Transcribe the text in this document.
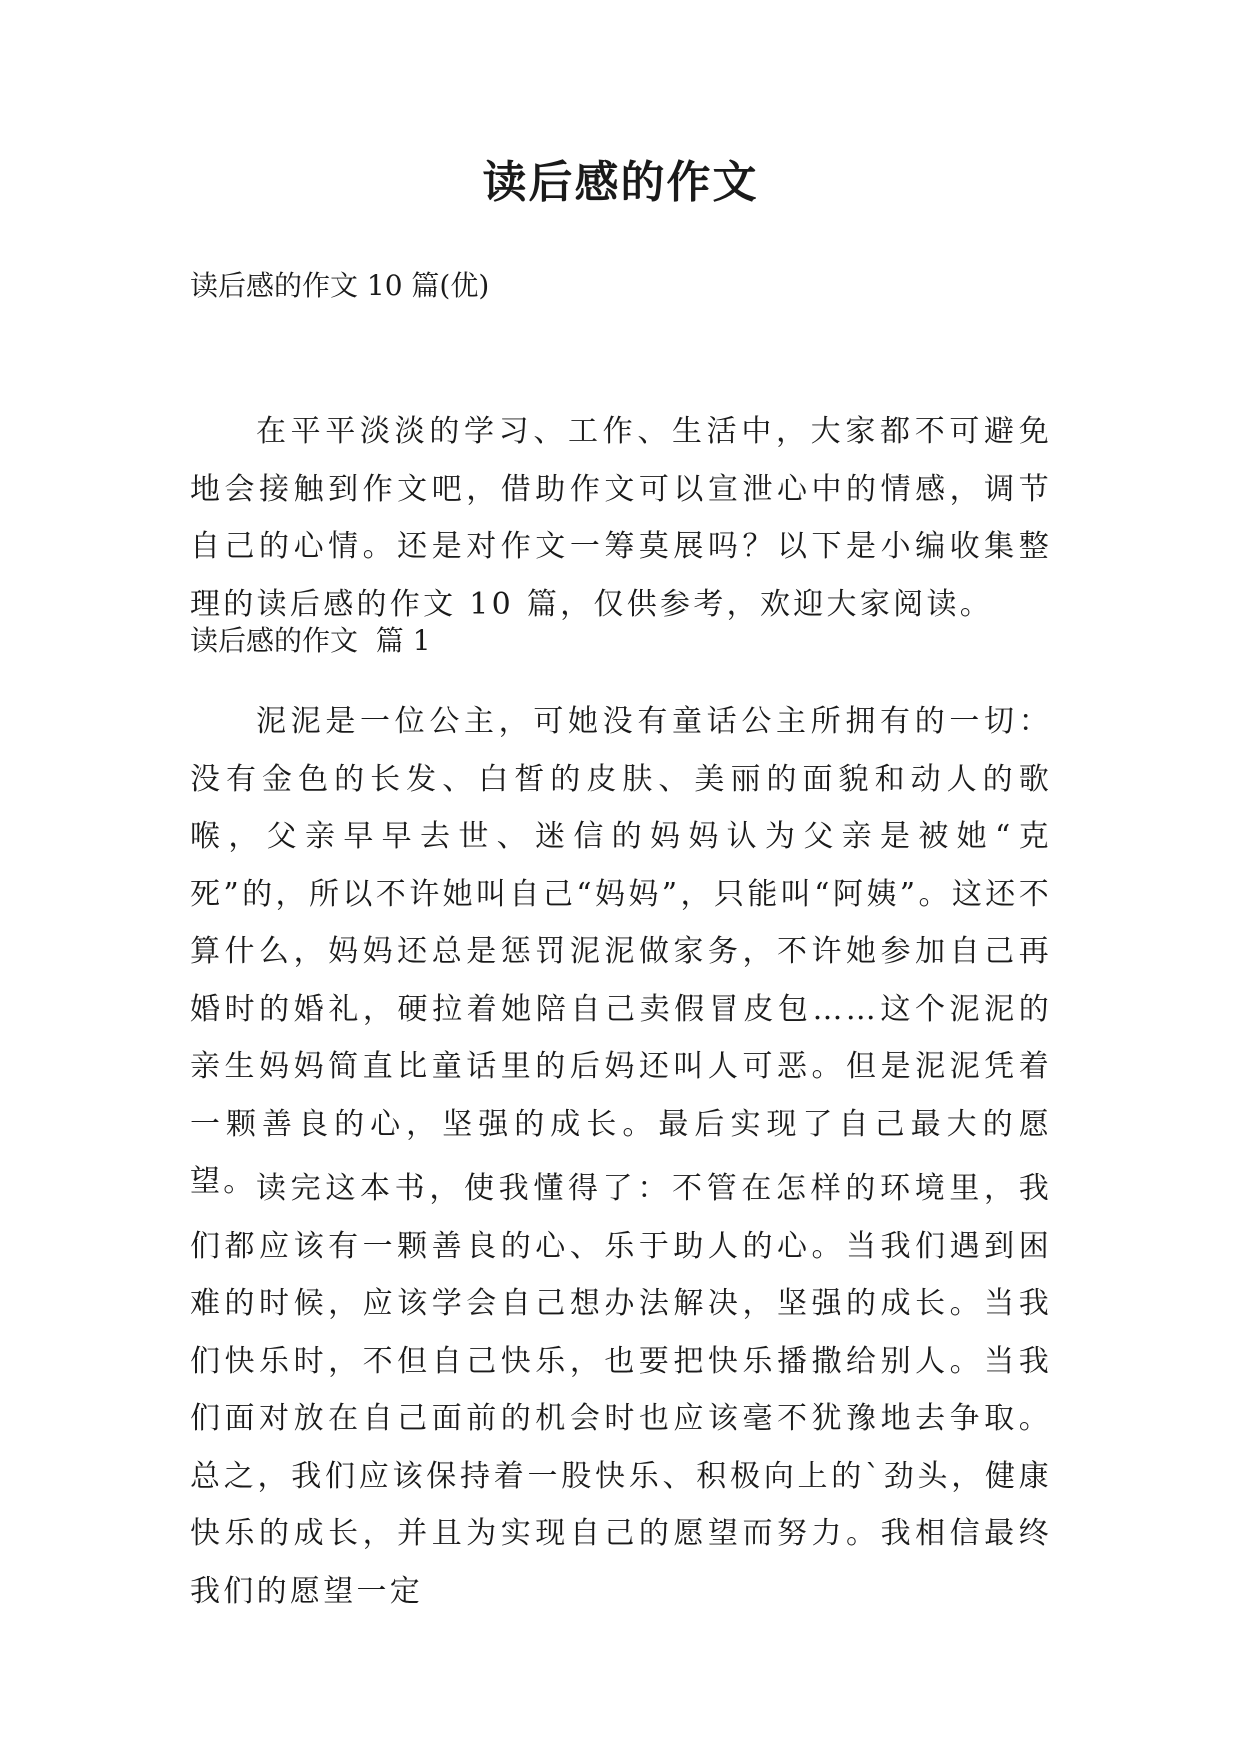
读后感的作文

读后感的作文 10 篇(优)

在平平淡淡的学习、工作、生活中，大家都不可避免地会接触到作文吧，借助作文可以宣泄心中的情感，调节自己的心情。还是对作文一筹莫展吗？以下是小编收集整理的读后感的作文 10 篇，仅供参考，欢迎大家阅读。

读后感的作文  篇 1

泥泥是一位公主，可她没有童话公主所拥有的一切：没有金色的长发、白皙的皮肤、美丽的面貌和动人的歌喉，父亲早早去世、迷信的妈妈认为父亲是被她“克死”的，所以不许她叫自己“妈妈”，只能叫“阿姨”。这还不算什么，妈妈还总是惩罚泥泥做家务，不许她参加自己再婚时的婚礼，硬拉着她陪自己卖假冒皮包……这个泥泥的亲生妈妈简直比童话里的后妈还叫人可恶。但是泥泥凭着一颗善良的心，坚强的成长。最后实现了自己最大的愿望。 读完这本书，使我懂得了：不管在怎样的环境里，我们都应该有一颗善良的心、乐于助人的心。当我们遇到困难的时候，应该学会自己想办法解决，坚强的成长。当我们快乐时，不但自己快乐，也要把快乐播撒给别人。当我们面对放在自己面前的机会时也应该毫不犹豫地去争取。总之，我们应该保持着一股快乐、积极向上的`劲头，健康快乐的成长，并且为实现自己的愿望而努力。我相信最终我们的愿望一定
